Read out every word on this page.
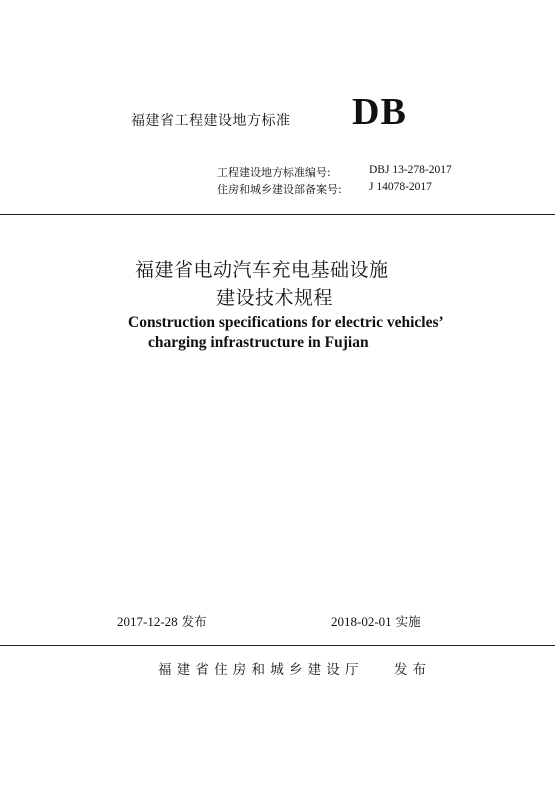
福建省工程建设地方标准 DB
工程建设地方标准编号:	DBJ 13-278-2017
住房和城乡建设部备案号: J 14078-2017
福建省电动汽车充电基础设施
建设技术规程
Construction specifications for electric vehicles’
charging infrastructure in Fujian
2017-12-28 发布	2018-02-01 实施
福建省住房和城乡建设厅 发布
